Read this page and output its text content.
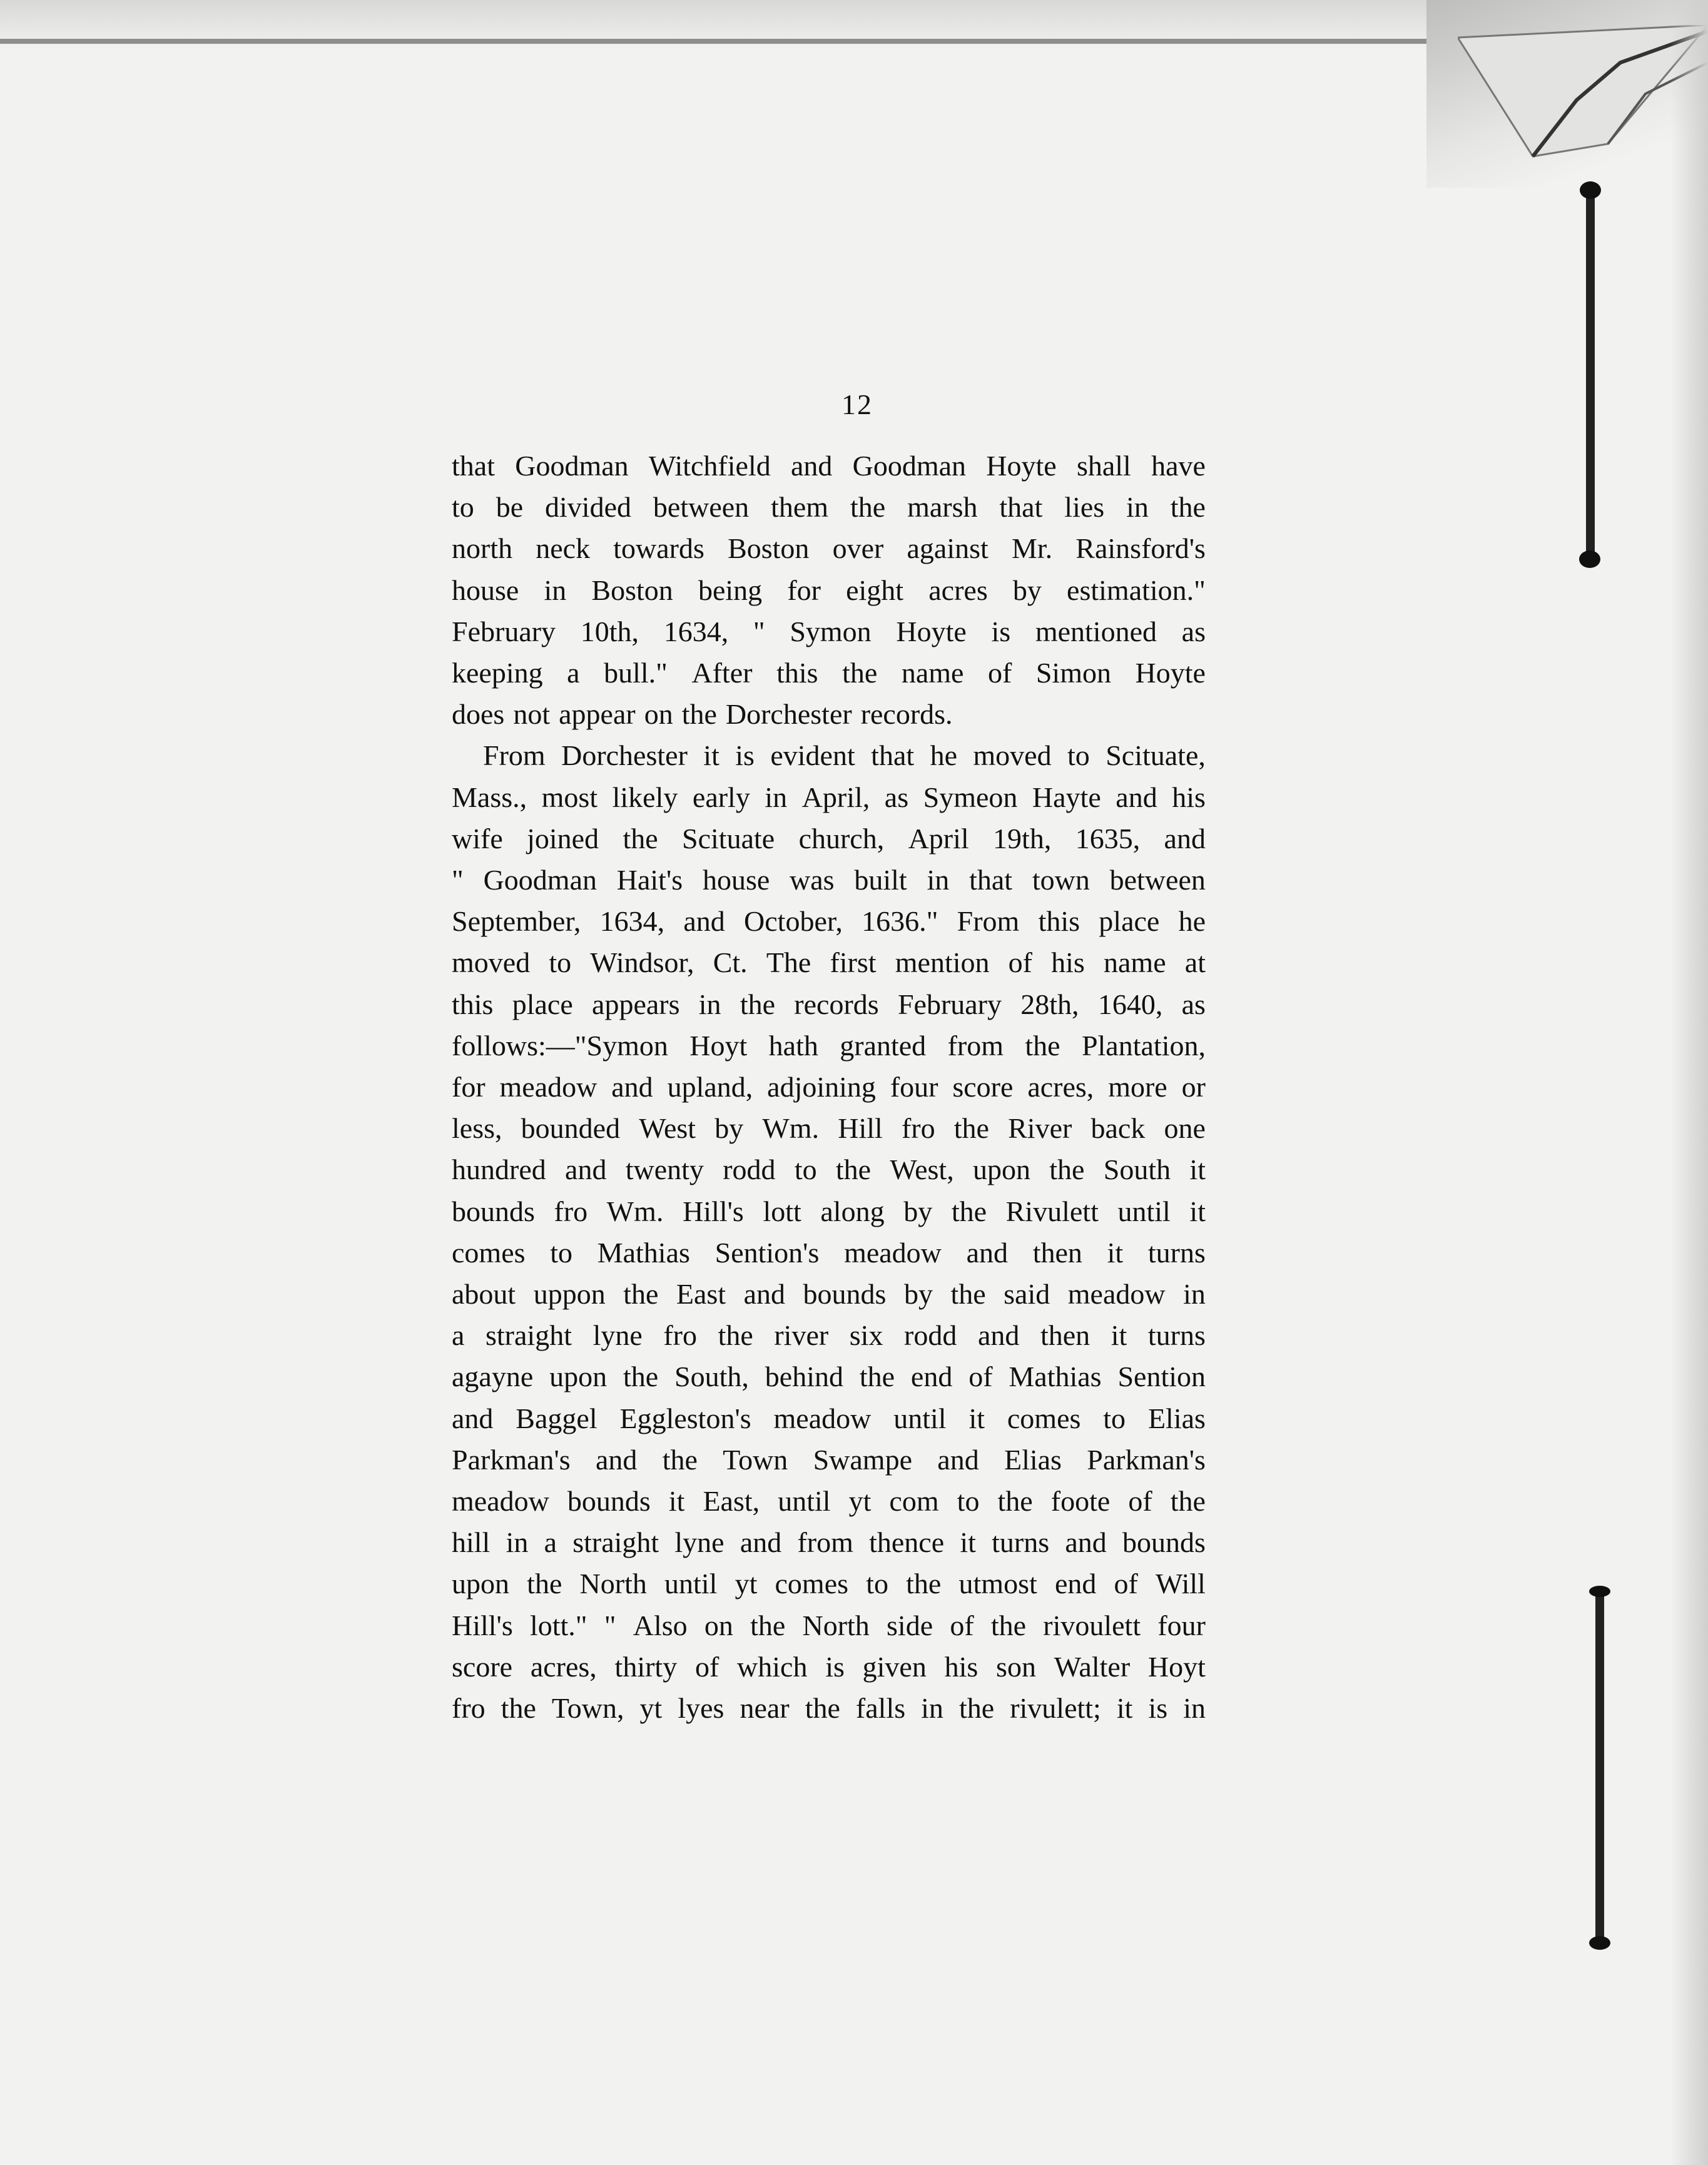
12
that Goodman Witchfield and Goodman Hoyte shall have
to be divided between them the marsh that lies in the
north neck towards Boston over against Mr. Rainsford's
house in Boston being for eight acres by estimation."
February 10th, 1634, " Symon Hoyte is mentioned as
keeping a bull." After this the name of Simon Hoyte
does not appear on the Dorchester records.
From Dorchester it is evident that he moved to Scituate,
Mass., most likely early in April, as Symeon Hayte and his
wife joined the Scituate church, April 19th, 1635, and
" Goodman Hait's house was built in that town between
September, 1634, and October, 1636." From this place he
moved to Windsor, Ct. The first mention of his name at
this place appears in the records February 28th, 1640, as
follows:—"Symon Hoyt hath granted from the Plantation,
for meadow and upland, adjoining four score acres, more or
less, bounded West by Wm. Hill fro the River back one
hundred and twenty rodd to the West, upon the South it
bounds fro Wm. Hill's lott along by the Rivulett until it
comes to Mathias Sention's meadow and then it turns
about uppon the East and bounds by the said meadow in
a straight lyne fro the river six rodd and then it turns
agayne upon the South, behind the end of Mathias Sention
and Baggel Eggleston's meadow until it comes to Elias
Parkman's and the Town Swampe and Elias Parkman's
meadow bounds it East, until yt com to the foote of the
hill in a straight lyne and from thence it turns and bounds
upon the North until yt comes to the utmost end of Will
Hill's lott." " Also on the North side of the rivoulett four
score acres, thirty of which is given his son Walter Hoyt
fro the Town, yt lyes near the falls in the rivulett; it is in
